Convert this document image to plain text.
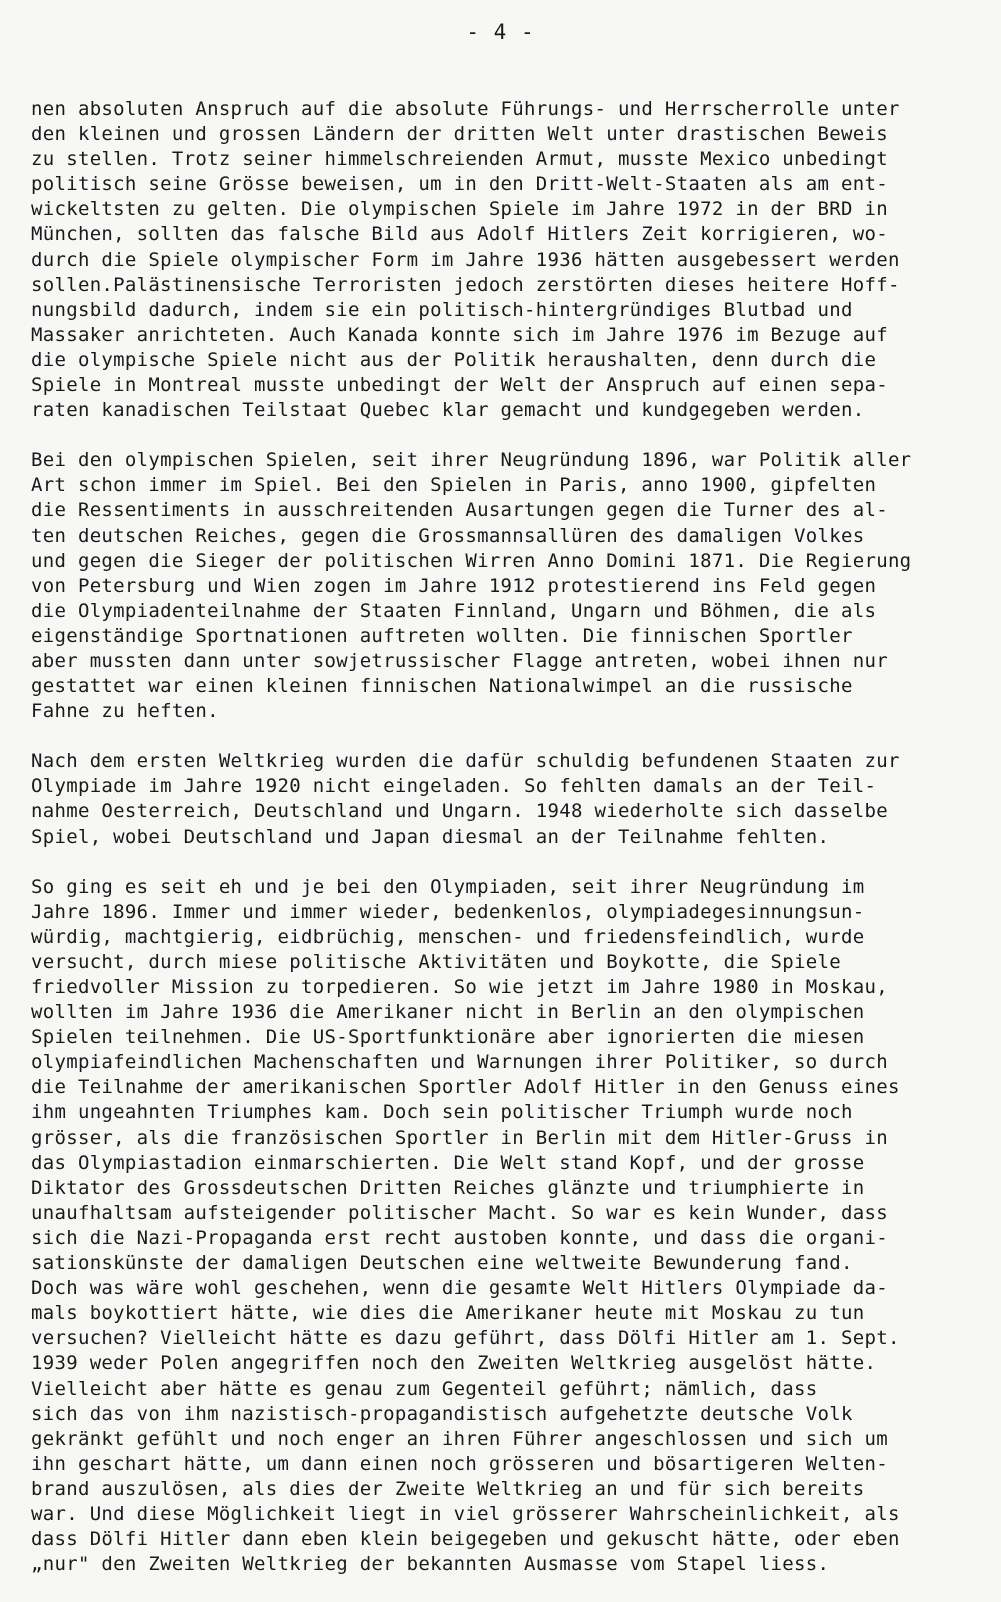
- 4 -
nen absoluten Anspruch auf die absolute Führungs- und Herrscherrolle unter
den kleinen und grossen Ländern der dritten Welt unter drastischen Beweis
zu stellen. Trotz seiner himmelschreienden Armut, musste Mexico unbedingt
politisch seine Grösse beweisen, um in den Dritt-Welt-Staaten als am ent-
wickeltsten zu gelten. Die olympischen Spiele im Jahre 1972 in der BRD in
München, sollten das falsche Bild aus Adolf Hitlers Zeit korrigieren, wo-
durch die Spiele olympischer Form im Jahre 1936 hätten ausgebessert werden
sollen.Palästinensische Terroristen jedoch zerstörten dieses heitere Hoff-
nungsbild dadurch, indem sie ein politisch-hintergründiges Blutbad und
Massaker anrichteten. Auch Kanada konnte sich im Jahre 1976 im Bezuge auf
die olympische Spiele nicht aus der Politik heraushalten, denn durch die
Spiele in Montreal musste unbedingt der Welt der Anspruch auf einen sepa-
raten kanadischen Teilstaat Quebec klar gemacht und kundgegeben werden.
Bei den olympischen Spielen, seit ihrer Neugründung 1896, war Politik aller
Art schon immer im Spiel. Bei den Spielen in Paris, anno 1900, gipfelten
die Ressentiments in ausschreitenden Ausartungen gegen die Turner des al-
ten deutschen Reiches, gegen die Grossmannsallüren des damaligen Volkes
und gegen die Sieger der politischen Wirren Anno Domini 1871. Die Regierung
von Petersburg und Wien zogen im Jahre 1912 protestierend ins Feld gegen
die Olympiadenteilnahme der Staaten Finnland, Ungarn und Böhmen, die als
eigenständige Sportnationen auftreten wollten. Die finnischen Sportler
aber mussten dann unter sowjetrussischer Flagge antreten, wobei ihnen nur
gestattet war einen kleinen finnischen Nationalwimpel an die russische
Fahne zu heften.
Nach dem ersten Weltkrieg wurden die dafür schuldig befundenen Staaten zur
Olympiade im Jahre 1920 nicht eingeladen. So fehlten damals an der Teil-
nahme Oesterreich, Deutschland und Ungarn. 1948 wiederholte sich dasselbe
Spiel, wobei Deutschland und Japan diesmal an der Teilnahme fehlten.
So ging es seit eh und je bei den Olympiaden, seit ihrer Neugründung im
Jahre 1896. Immer und immer wieder, bedenkenlos, olympiadegesinnungsun-
würdig, machtgierig, eidbrüchig, menschen- und friedensfeindlich, wurde
versucht, durch miese politische Aktivitäten und Boykotte, die Spiele
friedvoller Mission zu torpedieren. So wie jetzt im Jahre 1980 in Moskau,
wollten im Jahre 1936 die Amerikaner nicht in Berlin an den olympischen
Spielen teilnehmen. Die US-Sportfunktionäre aber ignorierten die miesen
olympiafeindlichen Machenschaften und Warnungen ihrer Politiker, so durch
die Teilnahme der amerikanischen Sportler Adolf Hitler in den Genuss eines
ihm ungeahnten Triumphes kam. Doch sein politischer Triumph wurde noch
grösser, als die französischen Sportler in Berlin mit dem Hitler-Gruss in
das Olympiastadion einmarschierten. Die Welt stand Kopf, und der grosse
Diktator des Grossdeutschen Dritten Reiches glänzte und triumphierte in
unaufhaltsam aufsteigender politischer Macht. So war es kein Wunder, dass
sich die Nazi-Propaganda erst recht austoben konnte, und dass die organi-
sationskünste der damaligen Deutschen eine weltweite Bewunderung fand.
Doch was wäre wohl geschehen, wenn die gesamte Welt Hitlers Olympiade da-
mals boykottiert hätte, wie dies die Amerikaner heute mit Moskau zu tun
versuchen? Vielleicht hätte es dazu geführt, dass Dölfi Hitler am 1. Sept.
1939 weder Polen angegriffen noch den Zweiten Weltkrieg ausgelöst hätte.
Vielleicht aber hätte es genau zum Gegenteil geführt; nämlich, dass
sich das von ihm nazistisch-propagandistisch aufgehetzte deutsche Volk
gekränkt gefühlt und noch enger an ihren Führer angeschlossen und sich um
ihn geschart hätte, um dann einen noch grösseren und bösartigeren Welten-
brand auszulösen, als dies der Zweite Weltkrieg an und für sich bereits
war. Und diese Möglichkeit liegt in viel grösserer Wahrscheinlichkeit, als
dass Dölfi Hitler dann eben klein beigegeben und gekuscht hätte, oder eben
„nur" den Zweiten Weltkrieg der bekannten Ausmasse vom Stapel liess.
